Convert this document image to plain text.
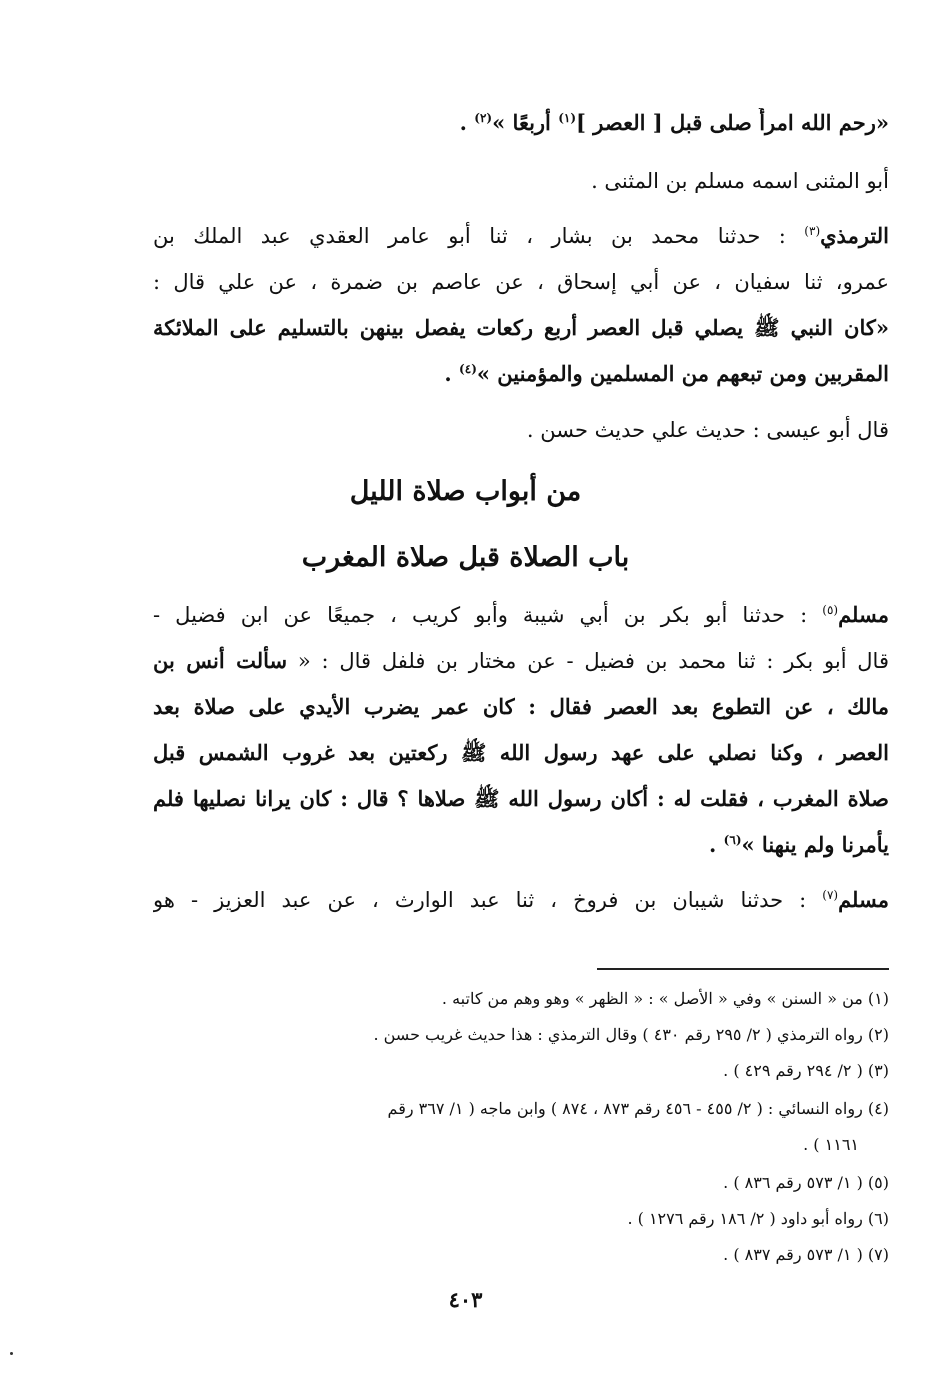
«رحم الله امرأً صلى قبل [ العصر ]$^{(١)}$ أربعًا »$^{(٢)}$ .
أبو المثنى اسمه مسلم بن المثنى .
الترمذي$^{(٣)}$ : حدثنا محمد بن بشار ، ثنا أبو عامر العقدي عبد الملك بن
عمرو، ثنا سفيان ، عن أبي إسحاق ، عن عاصم بن ضمرة ، عن علي قال :
«كان النبي ﷺ يصلي قبل العصر أربع ركعات يفصل بينهن بالتسليم على الملائكة
المقربين ومن تبعهم من المسلمين والمؤمنين »$^{(٤)}$ .
قال أبو عيسى : حديث علي حديث حسن .
من أبواب صلاة الليل
باب الصلاة قبل صلاة المغرب
مسلم$^{(٥)}$ : حدثنا أبو بكر بن أبي شيبة وأبو كريب ، جميعًا عن ابن فضيل -
قال أبو بكر : ثنا محمد بن فضيل - عن مختار بن فلفل قال : « سألت أنس بن
مالك ، عن التطوع بعد العصر فقال : كان عمر يضرب الأيدي على صلاة بعد
العصر ، وكنا نصلي على عهد رسول الله ﷺ ركعتين بعد غروب الشمس قبل
صلاة المغرب ، فقلت له : أكان رسول الله ﷺ صلاها ؟ قال : كان يرانا نصليها فلم
يأمرنا ولم ينهنا »$^{(٦)}$ .
مسلم$^{(٧)}$ : حدثنا شيبان بن فروخ ، ثنا عبد الوارث ، عن عبد العزيز - هو
(١) من « السنن » وفي « الأصل » : « الظهر » وهو وهم من كاتبه .
(٢) رواه الترمذي ( ٢/ ٢٩٥ رقم ٤٣٠ ) وقال الترمذي : هذا حديث غريب حسن .
(٣) ( ٢/ ٢٩٤ رقم ٤٢٩ ) .
(٤) رواه النسائي : ( ٢/ ٤٥٥ - ٤٥٦ رقم ٨٧٣ ، ٨٧٤ ) وابن ماجه ( ١/ ٣٦٧ رقم
١١٦١ ) .
(٥) ( ١/ ٥٧٣ رقم ٨٣٦ ) .
(٦) رواه أبو داود ( ٢/ ١٨٦ رقم ١٢٧٦ ) .
(٧) ( ١/ ٥٧٣ رقم ٨٣٧ ) .
٤٠٣
